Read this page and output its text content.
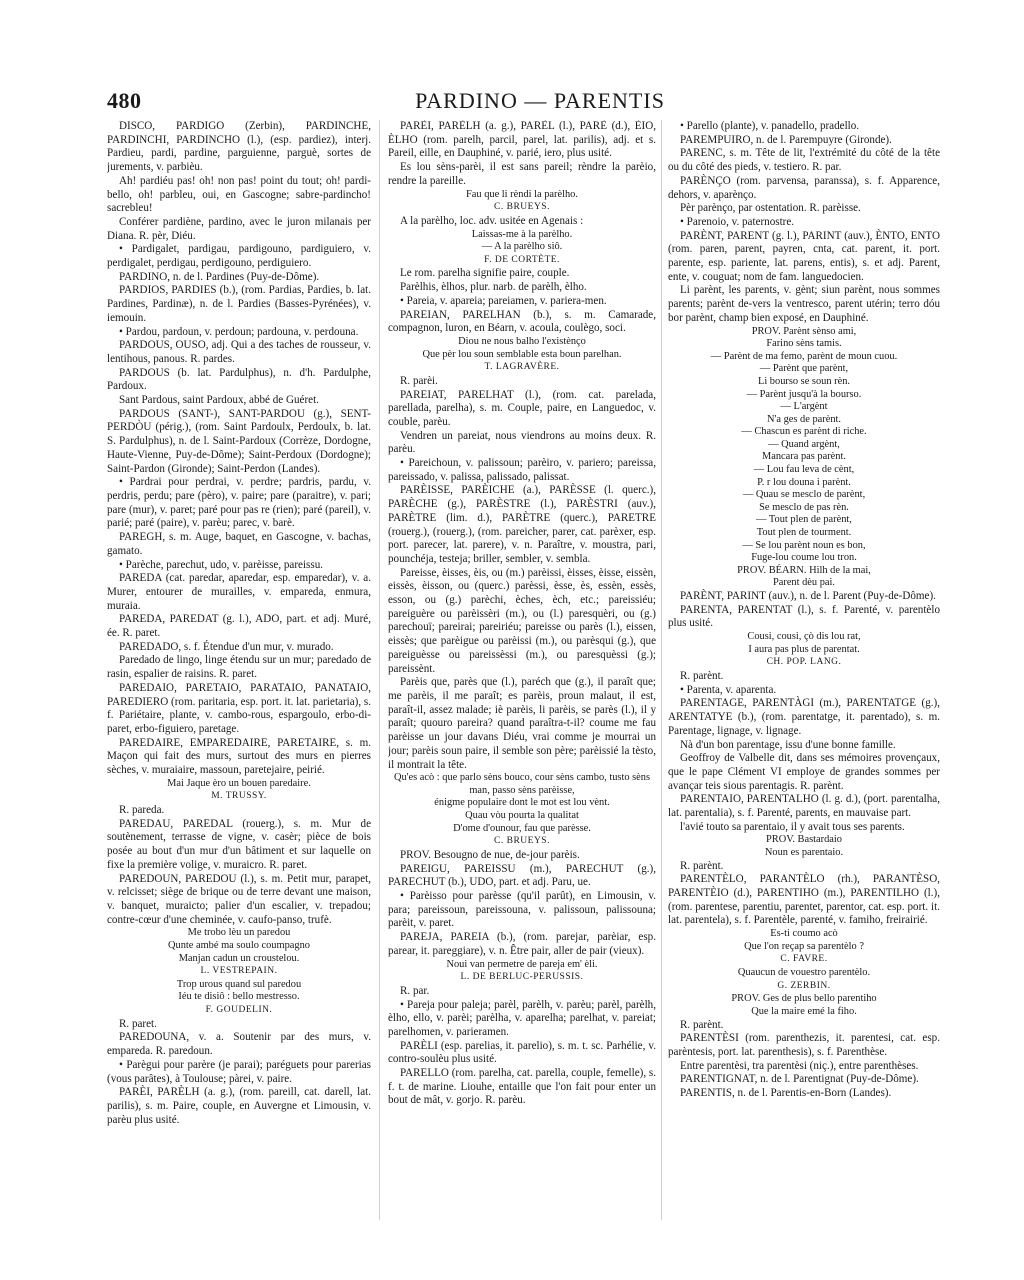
480	PARDINO — PARENTIS

DISCO, PARDIGO (Zerbin), PARDINCHE, PARDINCHI, PARDINCHO (l.), (esp. pardiez), interj. Pardieu, pardi, pardine, parguienne, parguè, sortes de jurements, v. parbièu.

Ah! pardiéu pas! oh! non pas! point du tout; oh! pardi-bello, oh! parbleu, oui, en Gascogne; sabre-pardincho! sacrebleu!

Conférer pardiène, pardino, avec le juron milanais per Diana. R. pèr, Diéu.

• Pardigalet, pardigau, pardigouno, pardiguiero, v. perdigalet, perdigau, perdigouno, perdiguiero.

PARDINO, n. de l. Pardines (Puy-de-Dôme).

PARDIOS, PARDIES (b.), (rom. Pardias, Pardies, b. lat. Pardines, Pardinæ), n. de l. Pardies (Basses-Pyrénées), v. iemouin.

• Pardou, pardoun, v. perdoun; pardouna, v. perdouna.

PARDOUS, OUSO, adj. Qui a des taches de rousseur, v. lentihous, panous. R. pardes.

PARDOUS (b. lat. Pardulphus), n. d'h. Pardulphe, Pardoux.

Sant Pardous, saint Pardoux, abbé de Guéret.

PARDOUS (SANT-), SANT-PARDOU (g.), SENT-PERDÒU (périg.), (rom. Saint Pardoulx, Perdoulx, b. lat. S. Pardulphus), n. de l. Saint-Pardoux (Corrèze, Dordogne, Haute-Vienne, Puy-de-Dôme); Saint-Perdoux (Dordogne); Saint-Pardon (Gironde); Saint-Perdon (Landes).

• Pardrai pour perdrai, v. perdre; pardris, pardu, v. perdris, perdu; pare (pèro), v. paire; pare (paraitre), v. pari; pare (mur), v. paret; paré pour pas re (rien); paré (pareil), v. parié; paré (paire), v. parèu; parec, v. barè.

PAREGH, s. m. Auge, baquet, en Gascogne, v. bachas, gamato.

• Parèche, parechut, udo, v. parèisse, pareissu.

PAREDA (cat. paredar, aparedar, esp. emparedar), v. a. Murer, entourer de murailles, v. empareda, enmura, muraia.

PAREDA, PAREDAT (g. l.), ADO, part. et adj. Muré, ée. R. paret.

PAREDADO, s. f. Étendue d'un mur, v. murado.

Paredado de lingo, linge étendu sur un mur; paredado de rasin, espalier de raisins. R. paret.

PAREDAIO, PARETAIO, PARATAIO, PANATAIO, PAREDIERO (rom. paritaria, esp. port. it. lat. parietaria), s. f. Pariétaire, plante, v. cambo-rous, espargoulo, erbo-di-paret, erbo-figuiero, paretage.

PAREDAIRE, EMPAREDAIRE, PARETAIRE, s. m. Maçon qui fait des murs, surtout des murs en pierres sèches, v. muraiaire, massoun, paretejaire, peirié.

Mai Jaque èro un bouen paredaire.

M. TRUSSY.

R. pareda.

PAREDAU, PAREDAL (rouerg.), s. m. Mur de soutènement, terrasse de vigne, v. casèr; pièce de bois posée au bout d'un mur d'un bâtiment et sur laquelle on fixe la première volige, v. muraicro. R. paret.

PAREDOUN, PAREDOU (l.), s. m. Petit mur, parapet, v. relcisset; siège de brique ou de terre devant une maison, v. banquet, muraicto; palier d'un escalier, v. trepadou; contre-cœur d'une cheminée, v. caufo-panso, trufè.

Me trobo lèu un paredou

Qunte ambé ma soulo coumpagno

Manjan cadun un croustelou.

L. VESTREPAIN.

Trop urous quand sul paredou

Iéu te disiô : bello mestresso.

F. GOUDELIN.

R. paret.

PAREDOUNA, v. a. Soutenir par des murs, v. empareda. R. paredoun.

• Parègui pour parère (je parai); paréguets pour parerias (vous parâtes), à Toulouse; pàrei, v. paire.

PARÈI, PARÈLH (a. g.), (rom. pareill, cat. darell, lat. parilis), s. m. Paire, couple, en Auvergne et Limousin, v. parèu plus usité.

PARÈI, PARÈLH (a. g.), PARÈL (l.), PARÈ (d.), ÈIO, ÈLHO (rom. parelh, parcil, parel, lat. parilis), adj. et s. Pareil, eille, en Dauphiné, v. parié, iero, plus usité.

Es lou sèns-parèi, il est sans pareil; rèndre la parèio, rendre la pareille.

Fau que li rèndi la parèlho.

C. BRUEYS.

A la parèlho, loc. adv. usitée en Agenais :

Laissas-me à la parèlho.

— A la parèlho siô.

F. DE CORTÈTE.

Le rom. parelha signifie paire, couple.

Parèlhis, èlhos, plur. narb. de parèlh, èlho.

• Pareia, v. apareia; pareiamen, v. pariera-men.

PAREIAN, PARELHAN (b.), s. m. Camarade, compagnon, luron, en Béarn, v. acoula, coulègo, soci.

Diou ne nous balho l'existènço

Que pèr lou soun semblable esta boun parelhan.

T. LAGRAVÈRE.

R. parèi.

PAREIAT, PARELHAT (l.), (rom. cat. parelada, parellada, parelha), s. m. Couple, paire, en Languedoc, v. couble, parèu.

Vendren un pareiat, nous viendrons au moins deux. R. parèu.

• Pareichoun, v. palissoun; parèiro, v. pariero; pareissa, pareissado, v. palissa, palissado, palissat.

PARÈISSE, PARÈICHE (a.), PARÈSSE (l. querc.), PARÈCHE (g.), PARÈSTRE (l.), PARÈSTRI (auv.), PARÈTRE (lim. d.), PARÈTRE (querc.), PARETRE (rouerg.), (rouerg.), (rom. pareicher, parer, cat. parèxer, esp. port. parecer, lat. parere), v. n. Paraître, v. moustra, pari, pounchéja, testeja; briller, sembler, v. sembla.

Pareisse, èisses, èis, ou (m.) parèissi, èisses, èisse, eissèn, eissès, èisson, ou (querc.) parèssi, èsse, ès, essèn, essès, esson, ou (g.) parèchi, èches, èch, etc.; pareissiéu; pareiguère ou parèissèri (m.), ou (l.) paresquèri, ou (g.) parechouï; pareirai; pareiriéu; pareisse ou parès (l.), eissen, eissès; que parèigue ou parèissi (m.), ou parèsqui (g.), que pareiguèsse ou pareissèssi (m.), ou paresquèssi (g.); pareissènt.

Parèis que, parès que (l.), paréch que (g.), il paraît que; me parèis, il me paraît; es parèis, proun malaut, il est, paraît-il, assez malade; iè parèis, li parèis, se parès (l.), il y paraît; quouro pareira? quand paraîtra-t-il? coume me fau parèisse un jour davans Diéu, vrai comme je mourrai un jour; parèis soun paire, il semble son père; parèissié la tèsto, il montrait la tête.

Qu'es acò : que parlo sèns bouco, cour sèns cambo, tusto sèns man, passo sèns parèisse,

énigme populaire dont le mot est lou vènt.

Quau vòu pourta la qualitat

D'ome d'ounour, fau que parèsse.

C. BRUEYS.

PROV. Besougno de nue, de-jour parèis.

PAREIGU, PAREISSU (m.), PARECHUT (g.), PARECHUT (b.), UDO, part. et adj. Paru, ue.

• Parèisso pour parèsse (qu'il parût), en Limousin, v. para; pareissoun, pareissouna, v. palissoun, palissouna; parèit, v. paret.

PAREJA, PAREIA (b.), (rom. parejar, parèiar, esp. parear, it. pareggiare), v. n. Être pair, aller de pair (vieux).

Noui van permetre de pareja em' èli.

L. DE BERLUC-PERUSSIS.

R. par.

• Pareja pour paleja; parèl, parèlh, v. parèu; parèl, parèlh, èlho, ello, v. parèi; parèlha, v. aparelha; parelhat, v. pareiat; parelhomen, v. parieramen.

PARÈLI (esp. parelias, it. parelio), s. m. t. sc. Parhélie, v. contro-soulèu plus usité.

PARELLO (rom. parelha, cat. parella, couple, femelle), s. f. t. de marine. Liouhe, entaille que l'on fait pour enter un bout de mât, v. gorjo. R. parèu.

• Parello (plante), v. panadello, pradello.

PAREMPUIRO, n. de l. Parempuyre (Gironde).

PARENC, s. m. Tête de lit, l'extrémité du côté de la tête ou du côté des pieds, v. testiero. R. par.

PARÈNÇO (rom. parvensa, paranssa), s. f. Apparence, dehors, v. aparènço.

Pèr parènço, par ostentation. R. parèisse.

• Parenoio, v. paternostre.

PARÈNT, PARENT (g. l.), PARINT (auv.), ÈNTO, ENTO (rom. paren, parent, payren, cnta, cat. parent, it. port. parente, esp. pariente, lat. parens, entis), s. et adj. Parent, ente, v. couguat; nom de fam. languedocien.

Li parènt, les parents, v. gènt; siun parènt, nous sommes parents; parènt de-vers la ventresco, parent utérin; terro dóu bor parènt, champ bien exposé, en Dauphiné.

PROV. Parènt sènso ami,

Farino sèns tamis.

— Parènt de ma femo, parènt de moun cuou.

— Parènt que parènt,

Li bourso se soun rèn.

— Parènt jusqu'à la bourso.

— L'argènt

N'a ges de parènt.

— Chascun es parènt di riche.

— Quand argènt,

Mancara pas parènt.

— Lou fau leva de cènt,

P. r lou douna i parènt.

— Quau se mesclo de parènt,

Se mesclo de pas rèn.

— Tout plen de parènt,

Tout plen de tourment.

— Se lou parènt noun es bon,

Fuge-lou coume lou tron.

PROV. BÉARN. Hilh de la mai,

Parent dèu pai.

PARÈNT, PARINT (auv.), n. de l. Parent (Puy-de-Dôme).

PARENTA, PARENTAT (l.), s. f. Parenté, v. parentèlo plus usité.

Cousi, cousi, çò dis lou rat,

I aura pas plus de parentat.

CH. POP. LANG.

R. parènt.

• Parenta, v. aparenta.

PARENTAGE, PARENTÀGI (m.), PARENTATGE (g.), ARENTATYE (b.), (rom. parentatge, it. parentado), s. m. Parentage, lignage, v. lignage.

Nà d'un bon parentage, issu d'une bonne famille.

Geoffroy de Valbelle dit, dans ses mémoires provençaux, que le pape Clément VI employe de grandes sommes per avançar teis sious parentagis. R. parènt.

PARENTAIO, PARENTALHO (l. g. d.), (port. parentalha, lat. parentalia), s. f. Parenté, parents, en mauvaise part.

l'avié touto sa parentaio, il y avait tous ses parents.

PROV. Bastardaio

Noun es parentaio.

R. parènt.

PARENTÈLO, PARANTÈLO (rh.), PARANTÈSO, PARENTÈIO (d.), PARENTIHO (m.), PARENTILHO (l.), (rom. parentese, parentiu, parentet, parentor, cat. esp. port. it. lat. parentela), s. f. Parentèle, parenté, v. famiho, freirairié.

Es-ti coumo acò

Que l'on reçap sa parentèlo ?

C. FAVRE.

Quaucun de vouestro parentèlo.

G. ZERBIN.

PROV. Ges de plus bello parentiho

Que la maire emé la fiho.

R. parènt.

PARENTÈSI (rom. parenthezis, it. parentesi, cat. esp. parèntesis, port. lat. parenthesis), s. f. Parenthèse.

Entre parentèsi, tra parentèsi (niç.), entre parenthèses.

PARENTIGNAT, n. de l. Parentignat (Puy-de-Dôme).

PARENTIS, n. de l. Parentis-en-Born (Landes).
